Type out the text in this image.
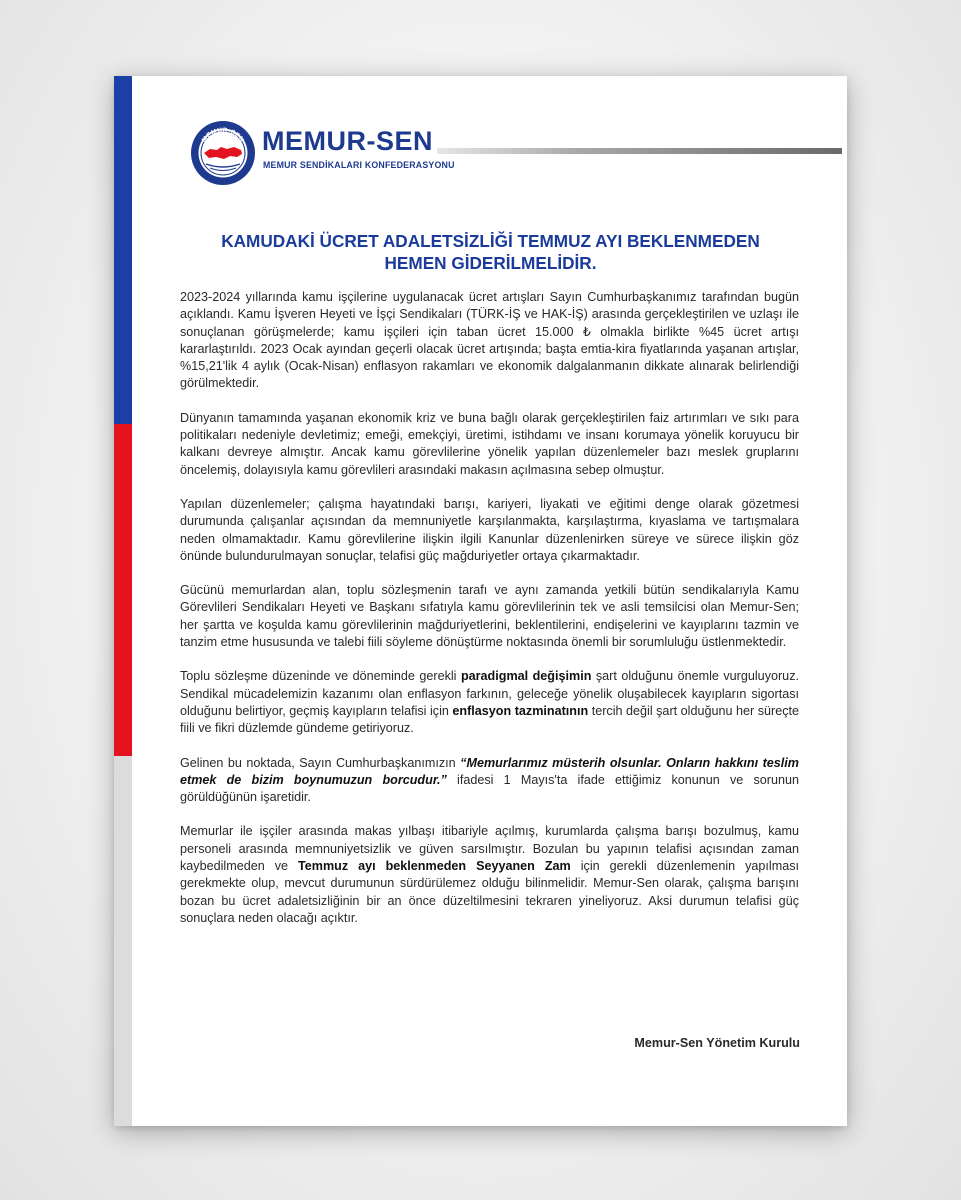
MEMUR-SEN MEMUR-SEN
MEMUR SENDİKALARI KONFEDERASYONU
KAMUDAKİ ÜCRET ADALETSİZLİĞİ TEMMUZ AYI BEKLENMEDEN
HEMEN GİDERİLMELİDİR.

2023-2024 yıllarında kamu işçilerine uygulanacak ücret artışları Sayın Cumhurbaşkanımız tarafından bugün açıklandı. Kamu İşveren Heyeti ve İşçi Sendikaları (TÜRK-İŞ ve HAK-İŞ) arasında gerçekleştirilen ve uzlaşı ile sonuçlanan görüşmelerde; kamu işçileri için taban ücret 15.000 ₺ olmakla birlikte %45 ücret artışı kararlaştırıldı. 2023 Ocak ayından geçerli olacak ücret artışında; başta emtia-kira fiyatlarında yaşanan artışlar, %15,21'lik 4 aylık (Ocak-Nisan) enflasyon rakamları ve ekonomik dalgalanmanın dikkate alınarak belirlendiği görülmektedir.

Dünyanın tamamında yaşanan ekonomik kriz ve buna bağlı olarak gerçekleştirilen faiz artırımları ve sıkı para politikaları nedeniyle devletimiz; emeği, emekçiyi, üretimi, istihdamı ve insanı korumaya yönelik koruyucu bir kalkanı devreye almıştır. Ancak kamu görevlilerine yönelik yapılan düzenlemeler bazı meslek gruplarını öncelemiş, dolayısıyla kamu görevlileri arasındaki makasın açılmasına sebep olmuştur.

Yapılan düzenlemeler; çalışma hayatındaki barışı, kariyeri, liyakati ve eğitimi denge olarak gözetmesi durumunda çalışanlar açısından da memnuniyetle karşılanmakta, karşılaştırma, kıyaslama ve tartışmalara neden olmamaktadır. Kamu görevlilerine ilişkin ilgili Kanunlar düzenlenirken süreye ve sürece ilişkin göz önünde bulundurulmayan sonuçlar, telafisi güç mağduriyetler ortaya çıkarmaktadır.

Gücünü memurlardan alan, toplu sözleşmenin tarafı ve aynı zamanda yetkili bütün sendikalarıyla Kamu Görevlileri Sendikaları Heyeti ve Başkanı sıfatıyla kamu görevlilerinin tek ve asli temsilcisi olan Memur-Sen; her şartta ve koşulda kamu görevlilerinin mağduriyetlerini, beklentilerini, endişelerini ve kayıplarını tazmin ve tanzim etme hususunda ve talebi fiili söyleme dönüştürme noktasında önemli bir sorumluluğu üstlenmektedir.

Toplu sözleşme düzeninde ve döneminde gerekli paradigmal değişimin şart olduğunu önemle vurguluyoruz. Sendikal mücadelemizin kazanımı olan enflasyon farkının, geleceğe yönelik oluşabilecek kayıpların sigortası olduğunu belirtiyor, geçmiş kayıpların telafisi için enflasyon tazminatının tercih değil şart olduğunu her süreçte fiili ve fikri düzlemde gündeme getiriyoruz.

Gelinen bu noktada, Sayın Cumhurbaşkanımızın “Memurlarımız müsterih olsunlar. Onların hakkını teslim etmek de bizim boynumuzun borcudur.” ifadesi 1 Mayıs'ta ifade ettiğimiz konunun ve sorunun görüldüğünün işaretidir.

Memurlar ile işçiler arasında makas yılbaşı itibariyle açılmış, kurumlarda çalışma barışı bozulmuş, kamu personeli arasında memnuniyetsizlik ve güven sarsılmıştır. Bozulan bu yapının telafisi açısından zaman kaybedilmeden ve Temmuz ayı beklenmeden Seyyanen Zam için gerekli düzenlemenin yapılması gerekmekte olup, mevcut durumunun sürdürülemez olduğu bilinmelidir. Memur-Sen olarak, çalışma barışını bozan bu ücret adaletsizliğinin bir an önce düzeltilmesini tekraren yineliyoruz. Aksi durumun telafisi güç sonuçlara neden olacağı açıktır.

Memur-Sen Yönetim Kurulu
